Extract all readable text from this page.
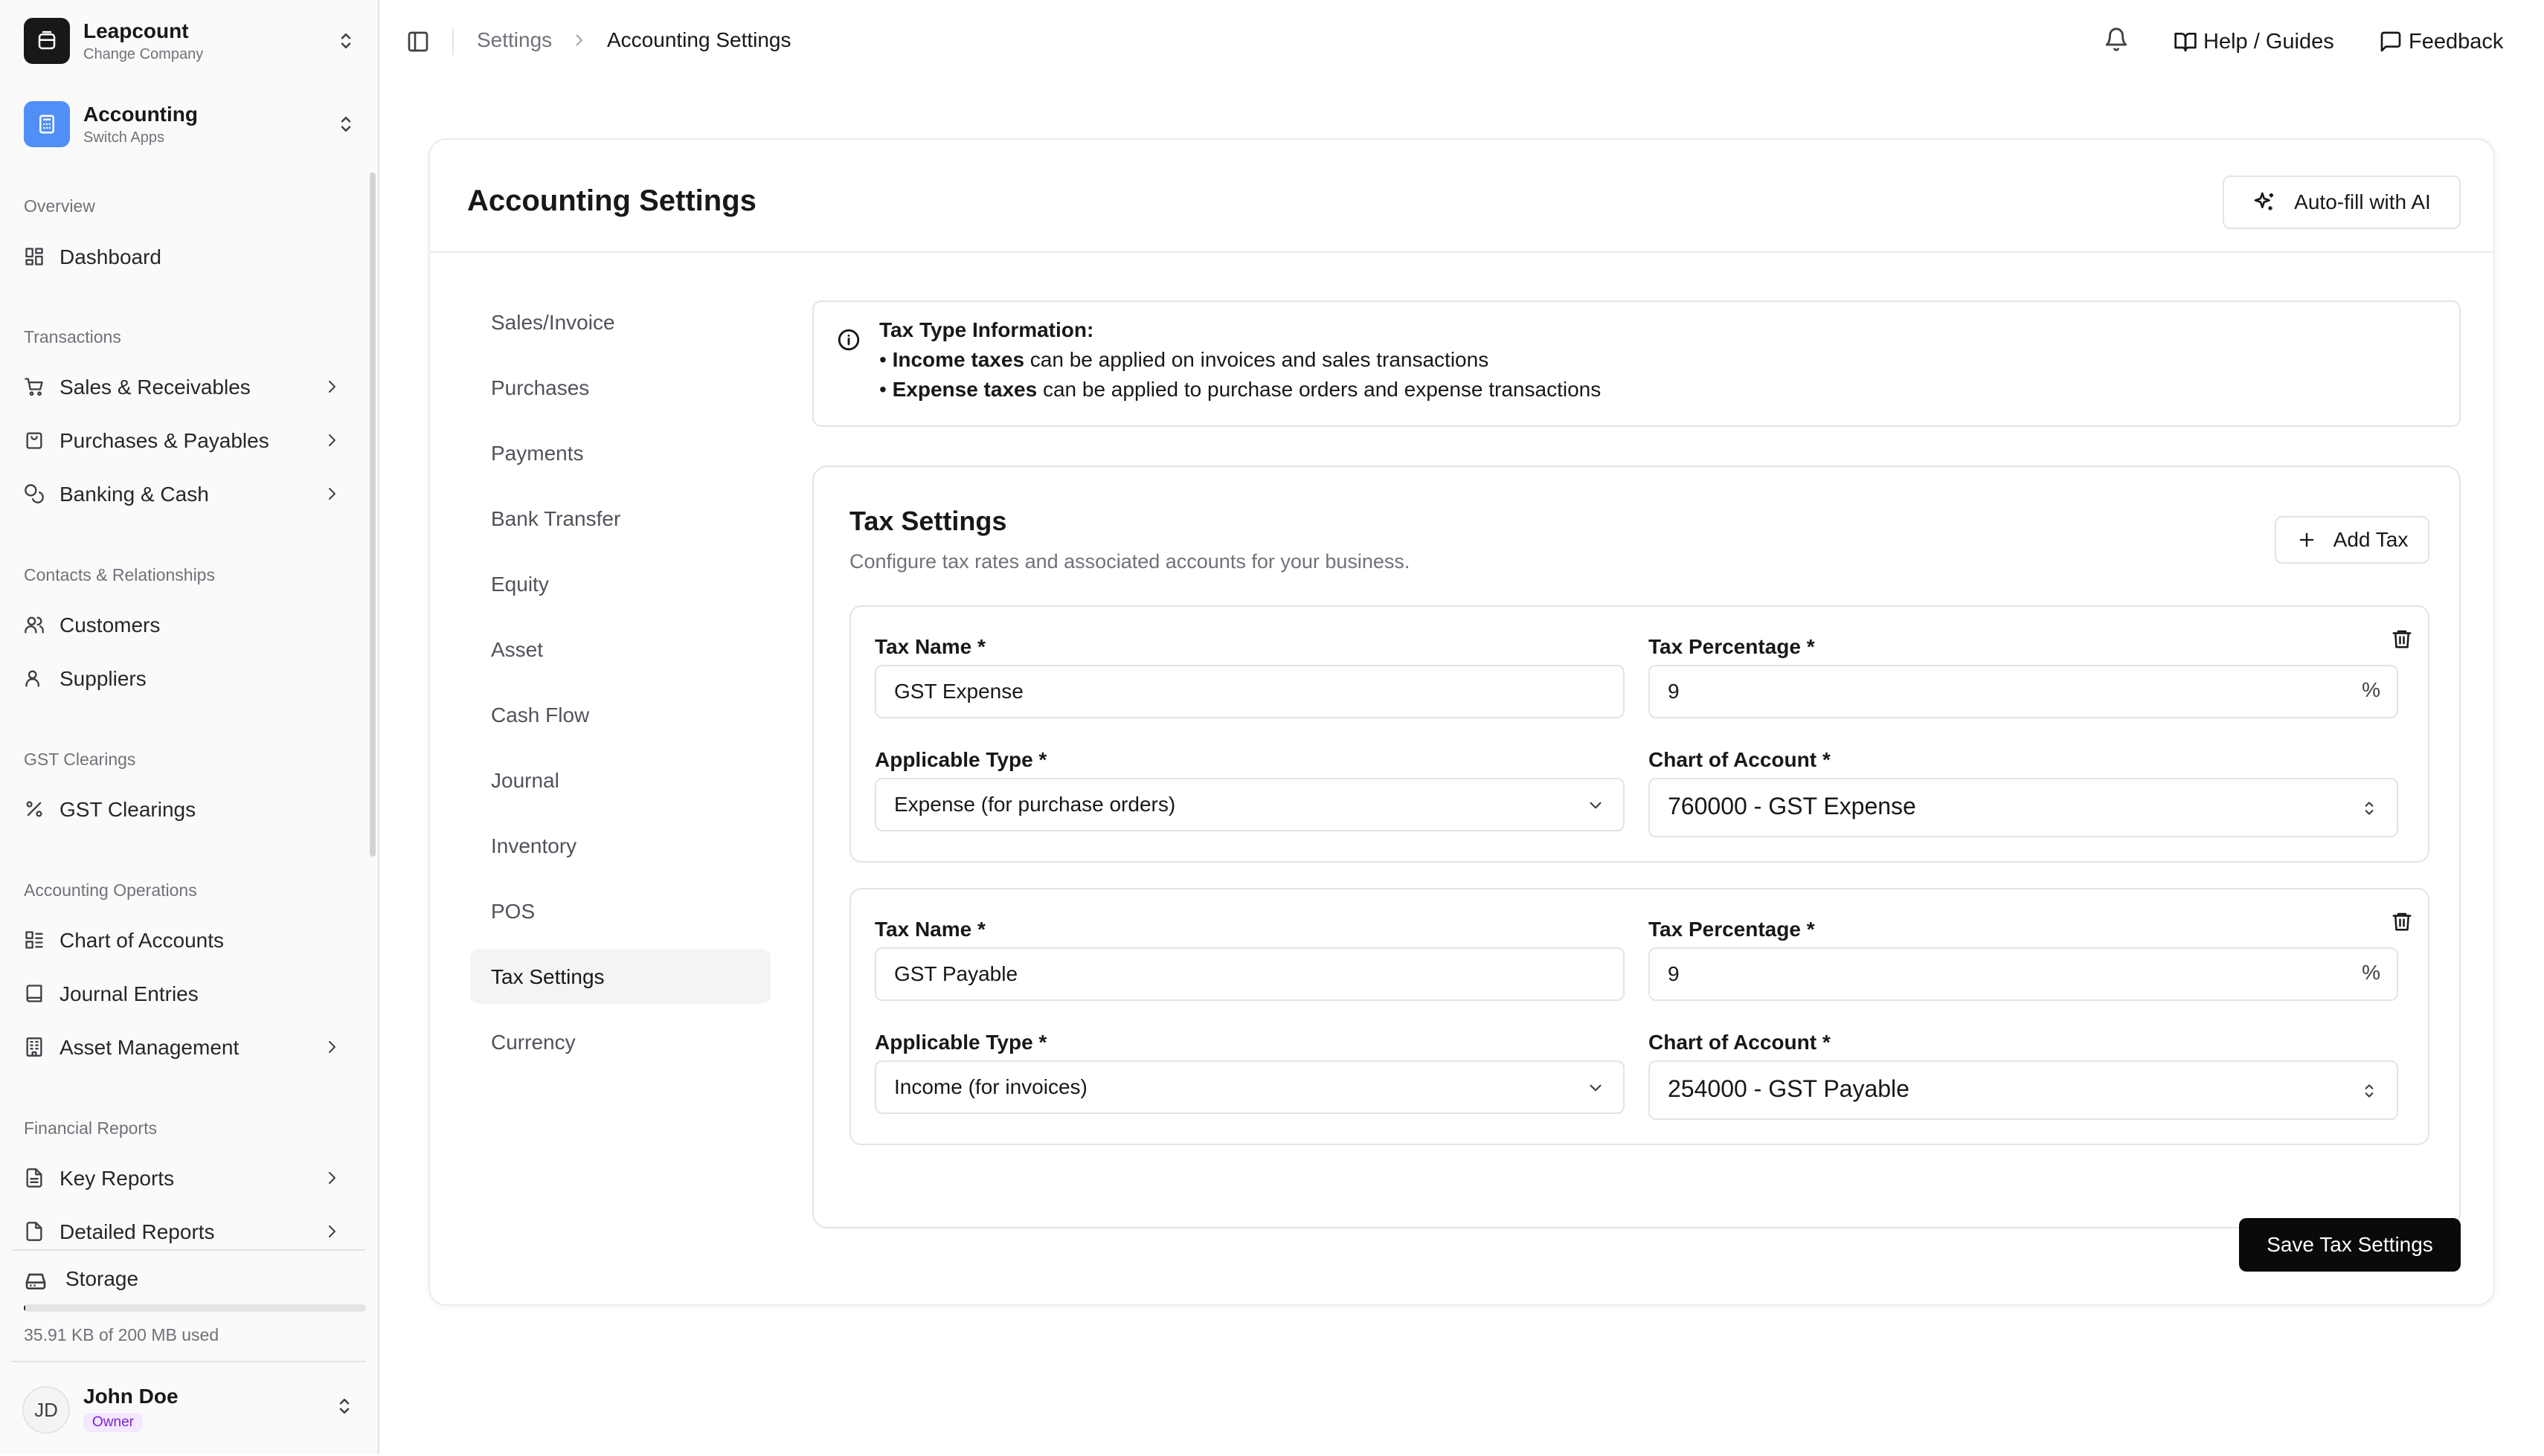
Leapcount
Change Company
Accounting
Switch Apps
Overview
Dashboard
Transactions
Sales & Receivables
Purchases & Payables
Banking & Cash
Contacts & Relationships
Customers
Suppliers
GST Clearings
GST Clearings
Accounting Operations
Chart of Accounts
Journal Entries
Asset Management
Financial Reports
Key Reports
Detailed Reports
Storage
35.91 KB of 200 MB used
JD
John Doe
Owner
Settings	Accounting Settings	Help / Guides	Feedback
Accounting Settings	Auto-fill with AI
Sales/Invoice
Purchases
Payments
Bank Transfer
Equity
Asset
Cash Flow
Journal
Inventory
POS
Tax Settings
Currency
Tax Type Information:
• Income taxes can be applied on invoices and sales transactions
• Expense taxes can be applied to purchase orders and expense transactions
Tax Settings
Configure tax rates and associated accounts for your business.
Add Tax
Tax Name *
GST Expense
Tax Percentage *
9	%
Applicable Type *
Expense (for purchase orders)
Chart of Account *
760000 - GST Expense
Tax Name *
GST Payable
Tax Percentage *
9	%
Applicable Type *
Income (for invoices)
Chart of Account *
254000 - GST Payable
Save Tax Settings
